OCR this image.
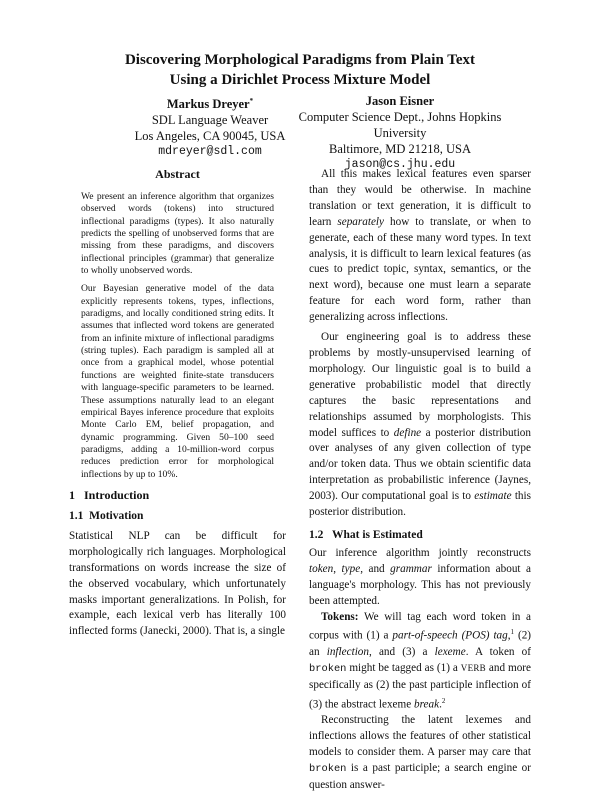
Discovering Morphological Paradigms from Plain Text
Using a Dirichlet Process Mixture Model
Markus Dreyer*
SDL Language Weaver
Los Angeles, CA 90045, USA
mdreyer@sdl.com
Jason Eisner
Computer Science Dept., Johns Hopkins University
Baltimore, MD 21218, USA
jason@cs.jhu.edu
Abstract

We present an inference algorithm that organizes observed words (tokens) into structured inflectional paradigms (types). It also naturally predicts the spelling of unobserved forms that are missing from these paradigms, and discovers inflectional principles (grammar) that generalize to wholly unobserved words.

Our Bayesian generative model of the data explicitly represents tokens, types, inflections, paradigms, and locally conditioned string edits. It assumes that inflected word tokens are generated from an infinite mixture of inflectional paradigms (string tuples). Each paradigm is sampled all at once from a graphical model, whose potential functions are weighted finite-state transducers with language-specific parameters to be learned. These assumptions naturally lead to an elegant empirical Bayes inference procedure that exploits Monte Carlo EM, belief propagation, and dynamic programming. Given 50–100 seed paradigms, adding a 10-million-word corpus reduces prediction error for morphological inflections by up to 10%.

1 Introduction
1.1 Motivation

Statistical NLP can be difficult for morphologically rich languages. Morphological transformations on words increase the size of the observed vocabulary, which unfortunately masks important generalizations. In Polish, for example, each lexical verb has literally 100 inflected forms (Janecki, 2000). That is, a single

All this makes lexical features even sparser than they would be otherwise. In machine translation or text generation, it is difficult to learn separately how to translate, or when to generate, each of these many word types. In text analysis, it is difficult to learn lexical features (as cues to predict topic, syntax, semantics, or the next word), because one must learn a separate feature for each word form, rather than generalizing across inflections.

Our engineering goal is to address these problems by mostly-unsupervised learning of morphology. Our linguistic goal is to build a generative probabilistic model that directly captures the basic representations and relationships assumed by morphologists. This model suffices to define a posterior distribution over analyses of any given collection of type and/or token data. Thus we obtain scientific data interpretation as probabilistic inference (Jaynes, 2003). Our computational goal is to estimate this posterior distribution.

1.2 What is Estimated

Our inference algorithm jointly reconstructs token, type, and grammar information about a language's morphology. This has not previously been attempted.

Tokens: We will tag each word token in a corpus with (1) a part-of-speech (POS) tag,$^1$ (2) an inflection, and (3) a lexeme. A token of broken might be tagged as (1) a VERB and more specifically as (2) the past participle inflection of (3) the abstract lexeme break.$^2$

Reconstructing the latent lexemes and inflections allows the features of other statistical models to consider them. A parser may care that broken is a past participle; a search engine or question answer-
